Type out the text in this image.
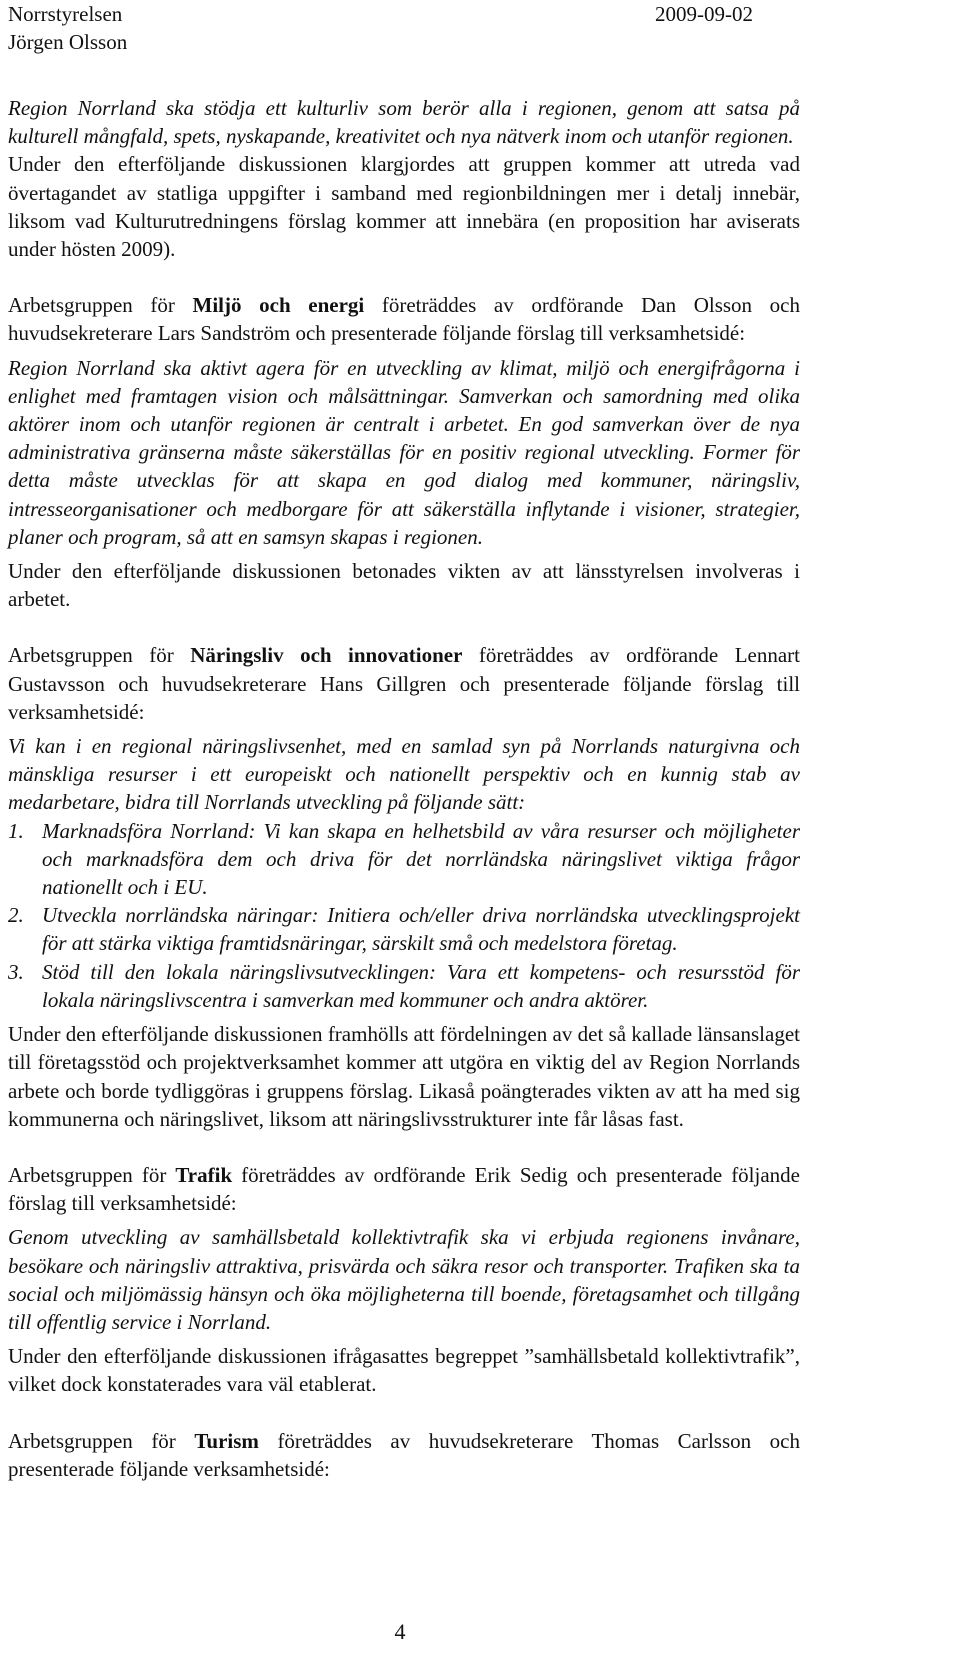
Norrstyrelsen
Jörgen Olsson
2009-09-02

Region Norrland ska stödja ett kulturliv som berör alla i regionen, genom att satsa på kulturell mångfald, spets, nyskapande, kreativitet och nya nätverk inom och utanför regionen.

Under den efterföljande diskussionen klargjordes att gruppen kommer att utreda vad övertagandet av statliga uppgifter i samband med regionbildningen mer i detalj innebär, liksom vad Kulturutredningens förslag kommer att innebära (en proposition har aviserats under hösten 2009).

Arbetsgruppen för Miljö och energi företräddes av ordförande Dan Olsson och huvudsekreterare Lars Sandström och presenterade följande förslag till verksamhetsidé:

Region Norrland ska aktivt agera för en utveckling av klimat, miljö och energifrågorna i enlighet med framtagen vision och målsättningar. Samverkan och samordning med olika aktörer inom och utanför regionen är centralt i arbetet. En god samverkan över de nya administrativa gränserna måste säkerställas för en positiv regional utveckling. Former för detta måste utvecklas för att skapa en god dialog med kommuner, näringsliv, intresseorganisationer och medborgare för att säkerställa inflytande i visioner, strategier, planer och program, så att en samsyn skapas i regionen.

Under den efterföljande diskussionen betonades vikten av att länsstyrelsen involveras i arbetet.

Arbetsgruppen för Näringsliv och innovationer företräddes av ordförande Lennart Gustavsson och huvudsekreterare Hans Gillgren och presenterade följande förslag till verksamhetsidé:

Vi kan i en regional näringslivsenhet, med en samlad syn på Norrlands naturgivna och mänskliga resurser i ett europeiskt och nationellt perspektiv och en kunnig stab av medarbetare, bidra till Norrlands utveckling på följande sätt:

1. Marknadsföra Norrland: Vi kan skapa en helhetsbild av våra resurser och möjligheter och marknadsföra dem och driva för det norrländska näringslivet viktiga frågor nationellt och i EU.
2. Utveckla norrländska näringar: Initiera och/eller driva norrländska utvecklingsprojekt för att stärka viktiga framtidsnäringar, särskilt små och medelstora företag.
3. Stöd till den lokala näringslivsutvecklingen: Vara ett kompetens- och resursstöd för lokala näringslivscentra i samverkan med kommuner och andra aktörer.

Under den efterföljande diskussionen framhölls att fördelningen av det så kallade länsanslaget till företagsstöd och projektverksamhet kommer att utgöra en viktig del av Region Norrlands arbete och borde tydliggöras i gruppens förslag. Likaså poängterades vikten av att ha med sig kommunerna och näringslivet, liksom att näringslivsstrukturer inte får låsas fast.

Arbetsgruppen för Trafik företräddes av ordförande Erik Sedig och presenterade följande förslag till verksamhetsidé:

Genom utveckling av samhällsbetald kollektivtrafik ska vi erbjuda regionens invånare, besökare och näringsliv attraktiva, prisvärda och säkra resor och transporter. Trafiken ska ta social och miljömässig hänsyn och öka möjligheterna till boende, företagsamhet och tillgång till offentlig service i Norrland.

Under den efterföljande diskussionen ifrågasattes begreppet ”samhällsbetald kollektivtrafik”, vilket dock konstaterades vara väl etablerat.

Arbetsgruppen för Turism företräddes av huvudsekreterare Thomas Carlsson och presenterade följande verksamhetsidé:

4
